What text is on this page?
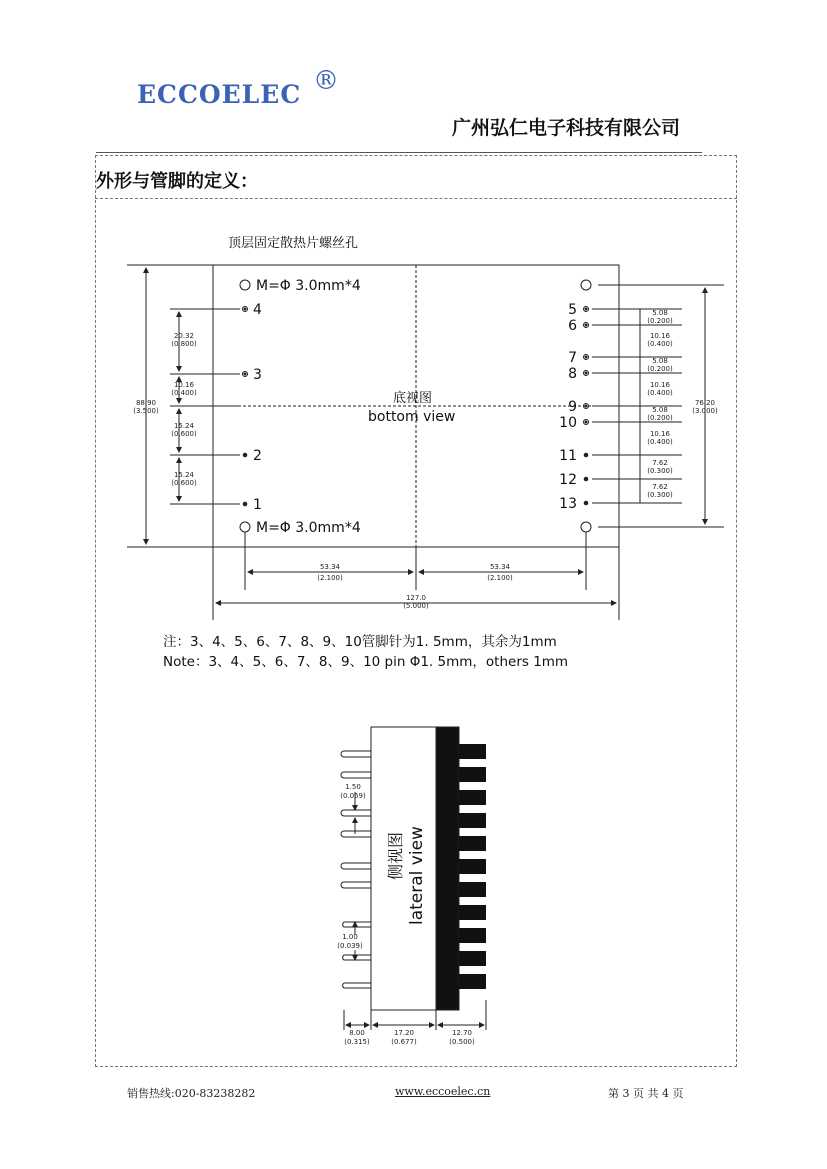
ECCOELEC ®
广州弘仁电子科技有限公司
外形与管脚的定义：
顶层固定散热片螺丝孔
M=Φ 3.0mm*4
M=Φ 3.0mm*4
底视图
bottom view
4
3
2
1
5
6
7
8
9
10
11
12
13
88.90
(3.500)
20.32
(0.800)
10.16
(0.400)
15.24
(0.600)
15.24
(0.600)
5.08
(0.200)
10.16
(0.400)
5.08
(0.200)
10.16
(0.400)
5.08
(0.200)
10.16
(0.400)
7.62
(0.300)
7.62
(0.300)
76.20
(3.000)
53.34
(2.100)
53.34
(2.100)
127.0
(5.000)
注：3、4、5、6、7、8、9、10管脚针为1. 5mm，其余为1mm
Note：3、4、5、6、7、8、9、10 pin Φ1. 5mm，others 1mm
侧视图 lateral view
1.50
(0.059)
1.00
(0.039)
8.00
(0.315)
17.20
(0.677)
12.70
(0.500)
销售热线:020-83238282	www.eccoelec.cn	第 3 页 共 4 页
